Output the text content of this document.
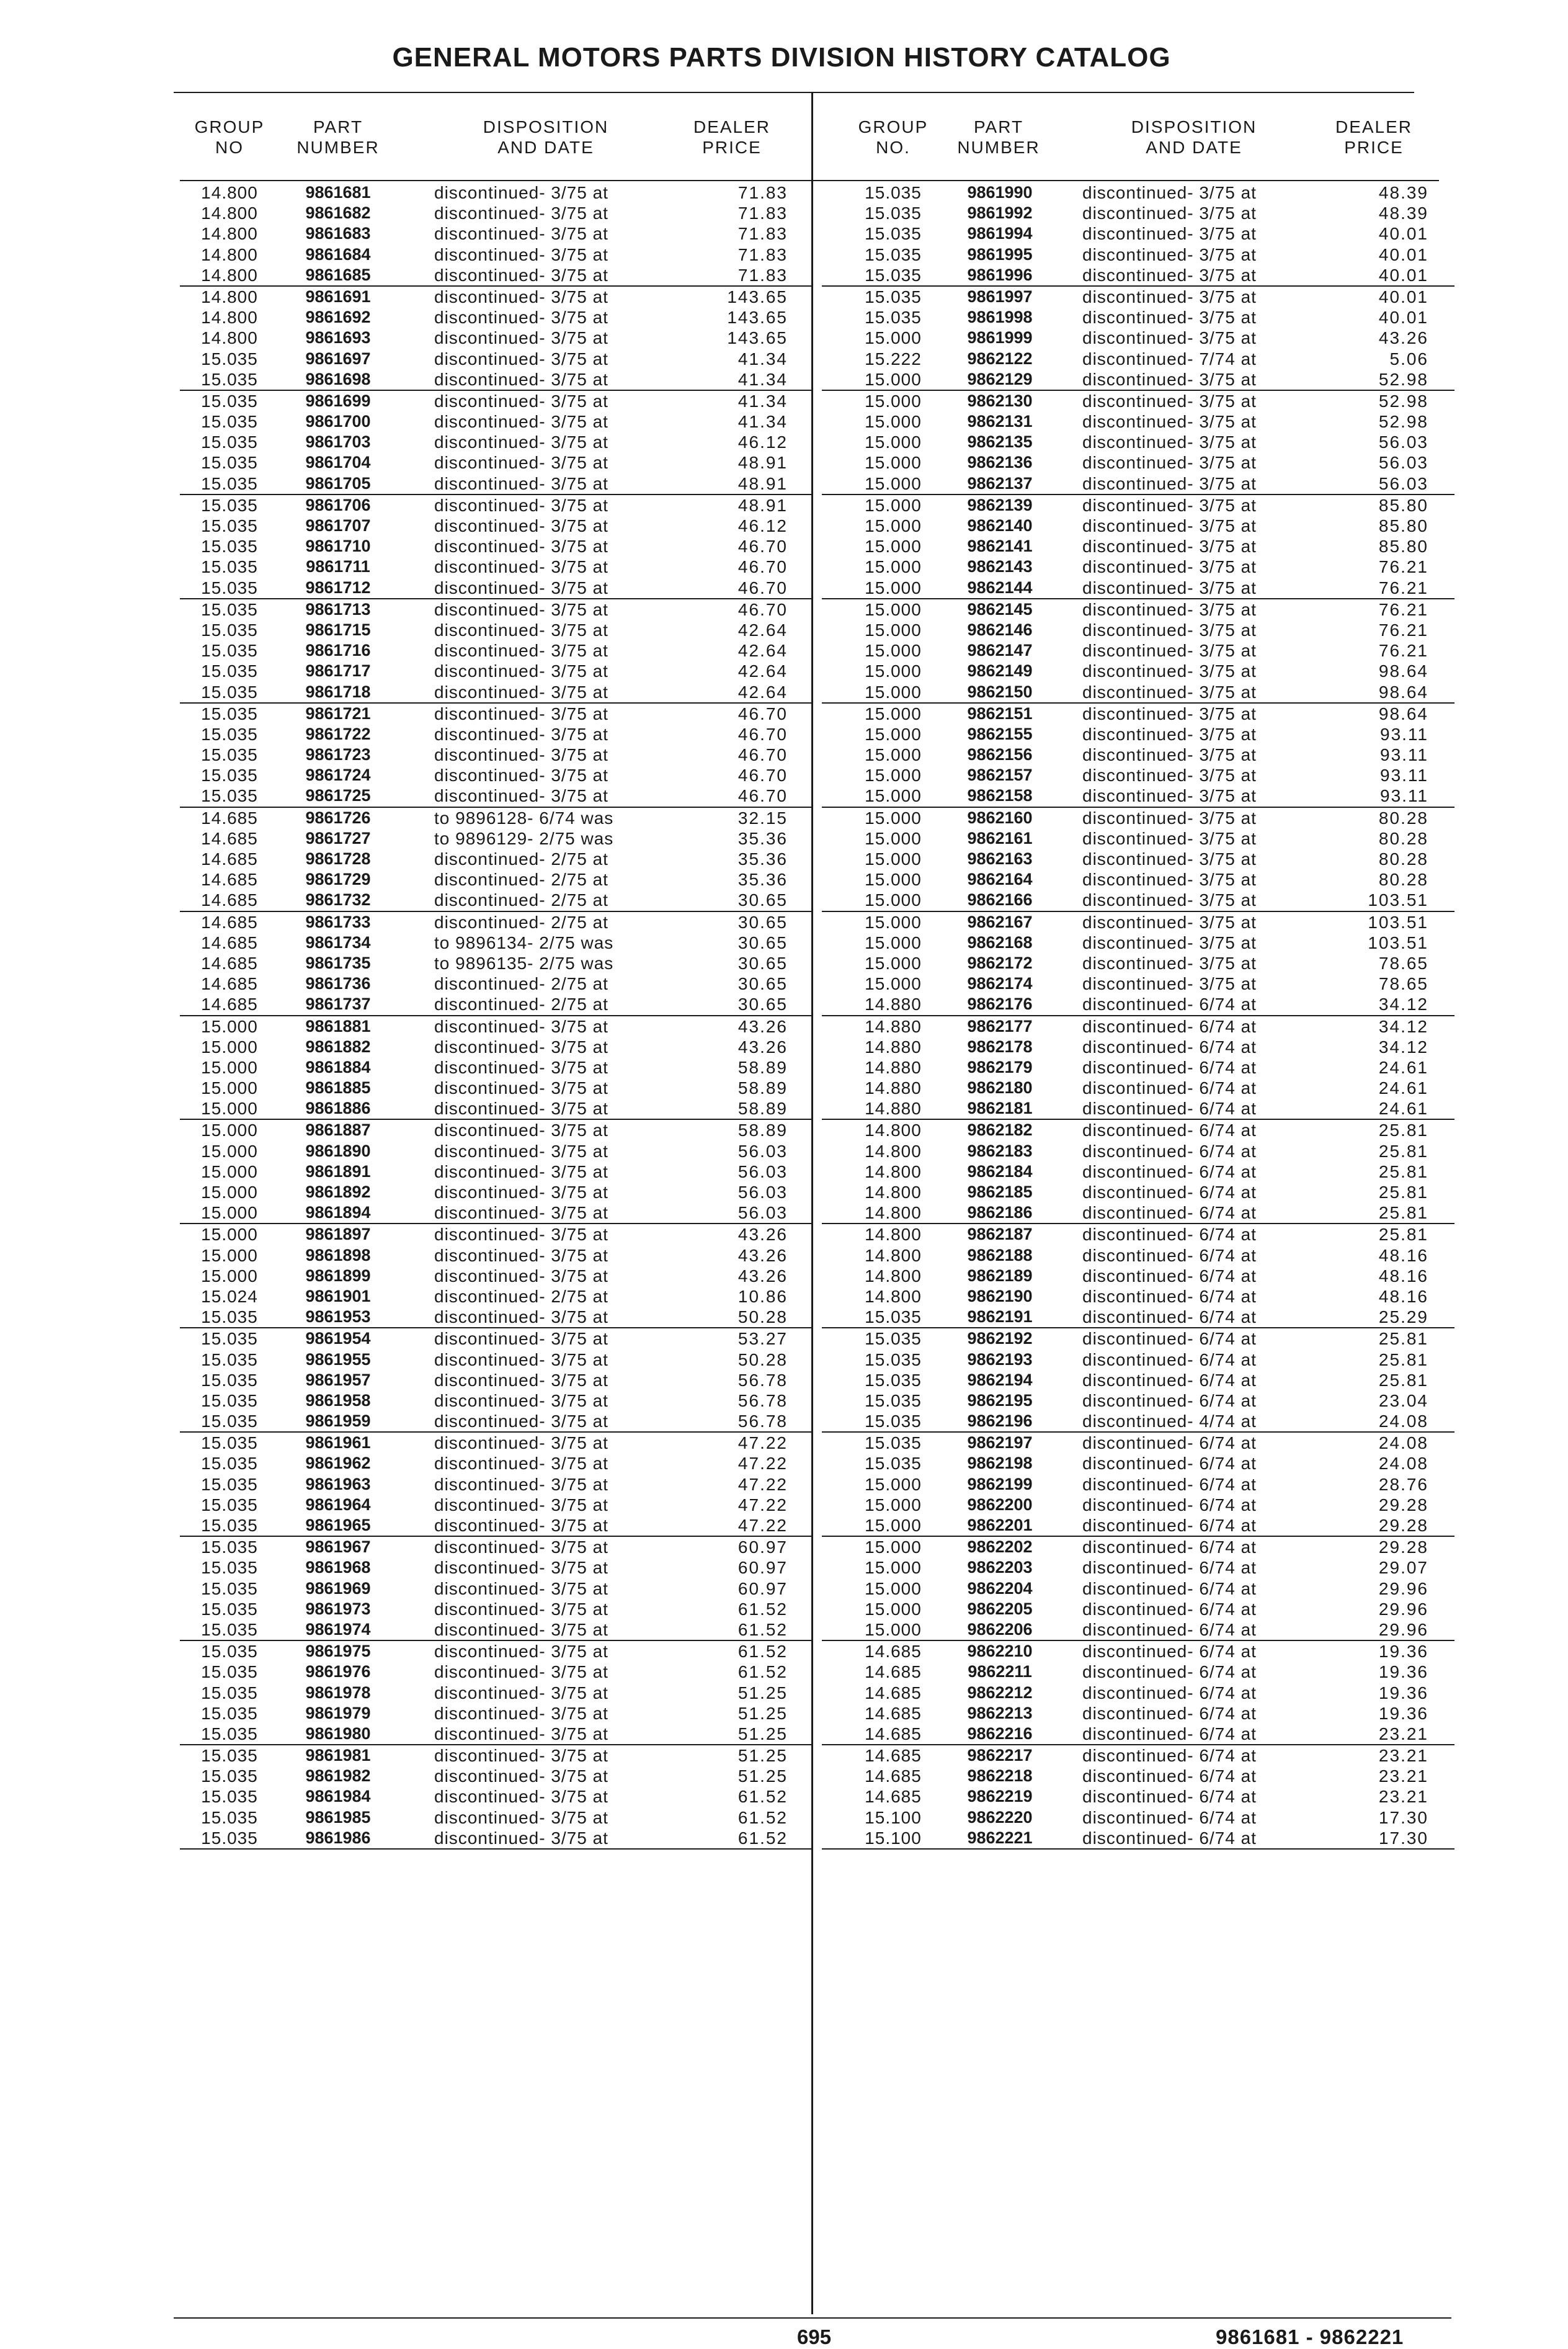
GENERAL MOTORS PARTS DIVISION HISTORY CATALOG
GROUP
NO
PART
NUMBER
DISPOSITION
AND DATE
DEALER
PRICE
14.800	9861681	discontinued- 3/75 at	71.83
14.800	9861682	discontinued- 3/75 at	71.83
14.800	9861683	discontinued- 3/75 at	71.83
14.800	9861684	discontinued- 3/75 at	71.83
14.800	9861685	discontinued- 3/75 at	71.83
14.800	9861691	discontinued- 3/75 at	143.65
14.800	9861692	discontinued- 3/75 at	143.65
14.800	9861693	discontinued- 3/75 at	143.65
15.035	9861697	discontinued- 3/75 at	41.34
15.035	9861698	discontinued- 3/75 at	41.34
15.035	9861699	discontinued- 3/75 at	41.34
15.035	9861700	discontinued- 3/75 at	41.34
15.035	9861703	discontinued- 3/75 at	46.12
15.035	9861704	discontinued- 3/75 at	48.91
15.035	9861705	discontinued- 3/75 at	48.91
15.035	9861706	discontinued- 3/75 at	48.91
15.035	9861707	discontinued- 3/75 at	46.12
15.035	9861710	discontinued- 3/75 at	46.70
15.035	9861711	discontinued- 3/75 at	46.70
15.035	9861712	discontinued- 3/75 at	46.70
15.035	9861713	discontinued- 3/75 at	46.70
15.035	9861715	discontinued- 3/75 at	42.64
15.035	9861716	discontinued- 3/75 at	42.64
15.035	9861717	discontinued- 3/75 at	42.64
15.035	9861718	discontinued- 3/75 at	42.64
15.035	9861721	discontinued- 3/75 at	46.70
15.035	9861722	discontinued- 3/75 at	46.70
15.035	9861723	discontinued- 3/75 at	46.70
15.035	9861724	discontinued- 3/75 at	46.70
15.035	9861725	discontinued- 3/75 at	46.70
14.685	9861726	to 9896128- 6/74 was	32.15
14.685	9861727	to 9896129- 2/75 was	35.36
14.685	9861728	discontinued- 2/75 at	35.36
14.685	9861729	discontinued- 2/75 at	35.36
14.685	9861732	discontinued- 2/75 at	30.65
14.685	9861733	discontinued- 2/75 at	30.65
14.685	9861734	to 9896134- 2/75 was	30.65
14.685	9861735	to 9896135- 2/75 was	30.65
14.685	9861736	discontinued- 2/75 at	30.65
14.685	9861737	discontinued- 2/75 at	30.65
15.000	9861881	discontinued- 3/75 at	43.26
15.000	9861882	discontinued- 3/75 at	43.26
15.000	9861884	discontinued- 3/75 at	58.89
15.000	9861885	discontinued- 3/75 at	58.89
15.000	9861886	discontinued- 3/75 at	58.89
15.000	9861887	discontinued- 3/75 at	58.89
15.000	9861890	discontinued- 3/75 at	56.03
15.000	9861891	discontinued- 3/75 at	56.03
15.000	9861892	discontinued- 3/75 at	56.03
15.000	9861894	discontinued- 3/75 at	56.03
15.000	9861897	discontinued- 3/75 at	43.26
15.000	9861898	discontinued- 3/75 at	43.26
15.000	9861899	discontinued- 3/75 at	43.26
15.024	9861901	discontinued- 2/75 at	10.86
15.035	9861953	discontinued- 3/75 at	50.28
15.035	9861954	discontinued- 3/75 at	53.27
15.035	9861955	discontinued- 3/75 at	50.28
15.035	9861957	discontinued- 3/75 at	56.78
15.035	9861958	discontinued- 3/75 at	56.78
15.035	9861959	discontinued- 3/75 at	56.78
15.035	9861961	discontinued- 3/75 at	47.22
15.035	9861962	discontinued- 3/75 at	47.22
15.035	9861963	discontinued- 3/75 at	47.22
15.035	9861964	discontinued- 3/75 at	47.22
15.035	9861965	discontinued- 3/75 at	47.22
15.035	9861967	discontinued- 3/75 at	60.97
15.035	9861968	discontinued- 3/75 at	60.97
15.035	9861969	discontinued- 3/75 at	60.97
15.035	9861973	discontinued- 3/75 at	61.52
15.035	9861974	discontinued- 3/75 at	61.52
15.035	9861975	discontinued- 3/75 at	61.52
15.035	9861976	discontinued- 3/75 at	61.52
15.035	9861978	discontinued- 3/75 at	51.25
15.035	9861979	discontinued- 3/75 at	51.25
15.035	9861980	discontinued- 3/75 at	51.25
15.035	9861981	discontinued- 3/75 at	51.25
15.035	9861982	discontinued- 3/75 at	51.25
15.035	9861984	discontinued- 3/75 at	61.52
15.035	9861985	discontinued- 3/75 at	61.52
15.035	9861986	discontinued- 3/75 at	61.52
GROUP
NO.
PART
NUMBER
DISPOSITION
AND DATE
DEALER
PRICE
15.035	9861990	discontinued- 3/75 at	48.39
15.035	9861992	discontinued- 3/75 at	48.39
15.035	9861994	discontinued- 3/75 at	40.01
15.035	9861995	discontinued- 3/75 at	40.01
15.035	9861996	discontinued- 3/75 at	40.01
15.035	9861997	discontinued- 3/75 at	40.01
15.035	9861998	discontinued- 3/75 at	40.01
15.000	9861999	discontinued- 3/75 at	43.26
15.222	9862122	discontinued- 7/74 at	5.06
15.000	9862129	discontinued- 3/75 at	52.98
15.000	9862130	discontinued- 3/75 at	52.98
15.000	9862131	discontinued- 3/75 at	52.98
15.000	9862135	discontinued- 3/75 at	56.03
15.000	9862136	discontinued- 3/75 at	56.03
15.000	9862137	discontinued- 3/75 at	56.03
15.000	9862139	discontinued- 3/75 at	85.80
15.000	9862140	discontinued- 3/75 at	85.80
15.000	9862141	discontinued- 3/75 at	85.80
15.000	9862143	discontinued- 3/75 at	76.21
15.000	9862144	discontinued- 3/75 at	76.21
15.000	9862145	discontinued- 3/75 at	76.21
15.000	9862146	discontinued- 3/75 at	76.21
15.000	9862147	discontinued- 3/75 at	76.21
15.000	9862149	discontinued- 3/75 at	98.64
15.000	9862150	discontinued- 3/75 at	98.64
15.000	9862151	discontinued- 3/75 at	98.64
15.000	9862155	discontinued- 3/75 at	93.11
15.000	9862156	discontinued- 3/75 at	93.11
15.000	9862157	discontinued- 3/75 at	93.11
15.000	9862158	discontinued- 3/75 at	93.11
15.000	9862160	discontinued- 3/75 at	80.28
15.000	9862161	discontinued- 3/75 at	80.28
15.000	9862163	discontinued- 3/75 at	80.28
15.000	9862164	discontinued- 3/75 at	80.28
15.000	9862166	discontinued- 3/75 at	103.51
15.000	9862167	discontinued- 3/75 at	103.51
15.000	9862168	discontinued- 3/75 at	103.51
15.000	9862172	discontinued- 3/75 at	78.65
15.000	9862174	discontinued- 3/75 at	78.65
14.880	9862176	discontinued- 6/74 at	34.12
14.880	9862177	discontinued- 6/74 at	34.12
14.880	9862178	discontinued- 6/74 at	34.12
14.880	9862179	discontinued- 6/74 at	24.61
14.880	9862180	discontinued- 6/74 at	24.61
14.880	9862181	discontinued- 6/74 at	24.61
14.800	9862182	discontinued- 6/74 at	25.81
14.800	9862183	discontinued- 6/74 at	25.81
14.800	9862184	discontinued- 6/74 at	25.81
14.800	9862185	discontinued- 6/74 at	25.81
14.800	9862186	discontinued- 6/74 at	25.81
14.800	9862187	discontinued- 6/74 at	25.81
14.800	9862188	discontinued- 6/74 at	48.16
14.800	9862189	discontinued- 6/74 at	48.16
14.800	9862190	discontinued- 6/74 at	48.16
15.035	9862191	discontinued- 6/74 at	25.29
15.035	9862192	discontinued- 6/74 at	25.81
15.035	9862193	discontinued- 6/74 at	25.81
15.035	9862194	discontinued- 6/74 at	25.81
15.035	9862195	discontinued- 6/74 at	23.04
15.035	9862196	discontinued- 4/74 at	24.08
15.035	9862197	discontinued- 6/74 at	24.08
15.035	9862198	discontinued- 6/74 at	24.08
15.000	9862199	discontinued- 6/74 at	28.76
15.000	9862200	discontinued- 6/74 at	29.28
15.000	9862201	discontinued- 6/74 at	29.28
15.000	9862202	discontinued- 6/74 at	29.28
15.000	9862203	discontinued- 6/74 at	29.07
15.000	9862204	discontinued- 6/74 at	29.96
15.000	9862205	discontinued- 6/74 at	29.96
15.000	9862206	discontinued- 6/74 at	29.96
14.685	9862210	discontinued- 6/74 at	19.36
14.685	9862211	discontinued- 6/74 at	19.36
14.685	9862212	discontinued- 6/74 at	19.36
14.685	9862213	discontinued- 6/74 at	19.36
14.685	9862216	discontinued- 6/74 at	23.21
14.685	9862217	discontinued- 6/74 at	23.21
14.685	9862218	discontinued- 6/74 at	23.21
14.685	9862219	discontinued- 6/74 at	23.21
15.100	9862220	discontinued- 6/74 at	17.30
15.100	9862221	discontinued- 6/74 at	17.30
695	9861681 - 9862221
